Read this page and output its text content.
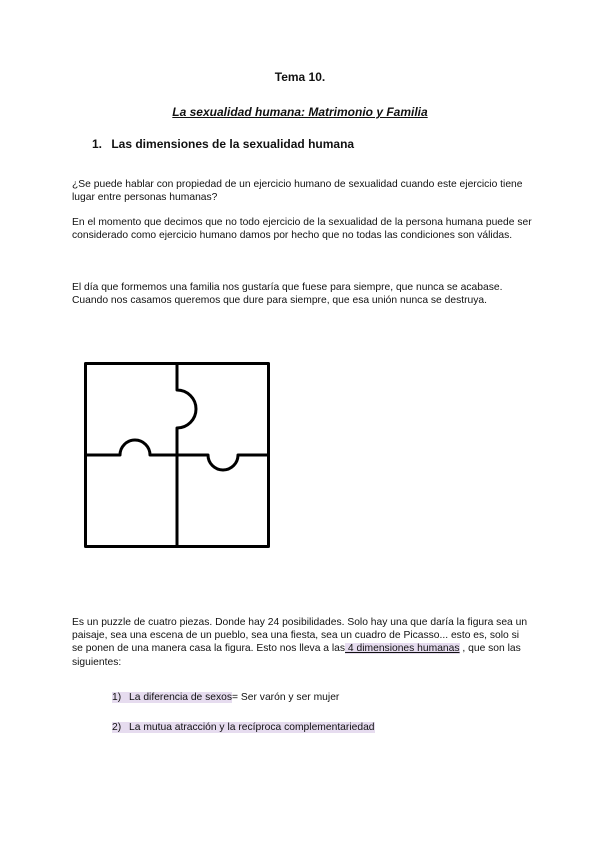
Tema 10.
La sexualidad humana: Matrimonio y Familia
1. Las dimensiones de la sexualidad humana
¿Se puede hablar con propiedad de un ejercicio humano de sexualidad cuando este ejercicio tiene lugar entre personas humanas?
En el momento que decimos que no todo ejercicio de la sexualidad de la persona humana puede ser considerado como ejercicio humano damos por hecho que no todas las condiciones son válidas.
El día que formemos una familia nos gustaría que fuese para siempre, que nunca se acabase. Cuando nos casamos queremos que dure para siempre, que esa unión nunca se destruya.
Es un puzzle de cuatro piezas. Donde hay 24 posibilidades. Solo hay una que daría la figura sea un paisaje, sea una escena de un pueblo, sea una fiesta, sea un cuadro de Picasso... esto es, solo si se ponen de una manera casa la figura. Esto nos lleva a las 4 dimensiones humanas , que son las siguientes:
1) La diferencia de sexos= Ser varón y ser mujer
2) La mutua atracción y la recíproca complementariedad
